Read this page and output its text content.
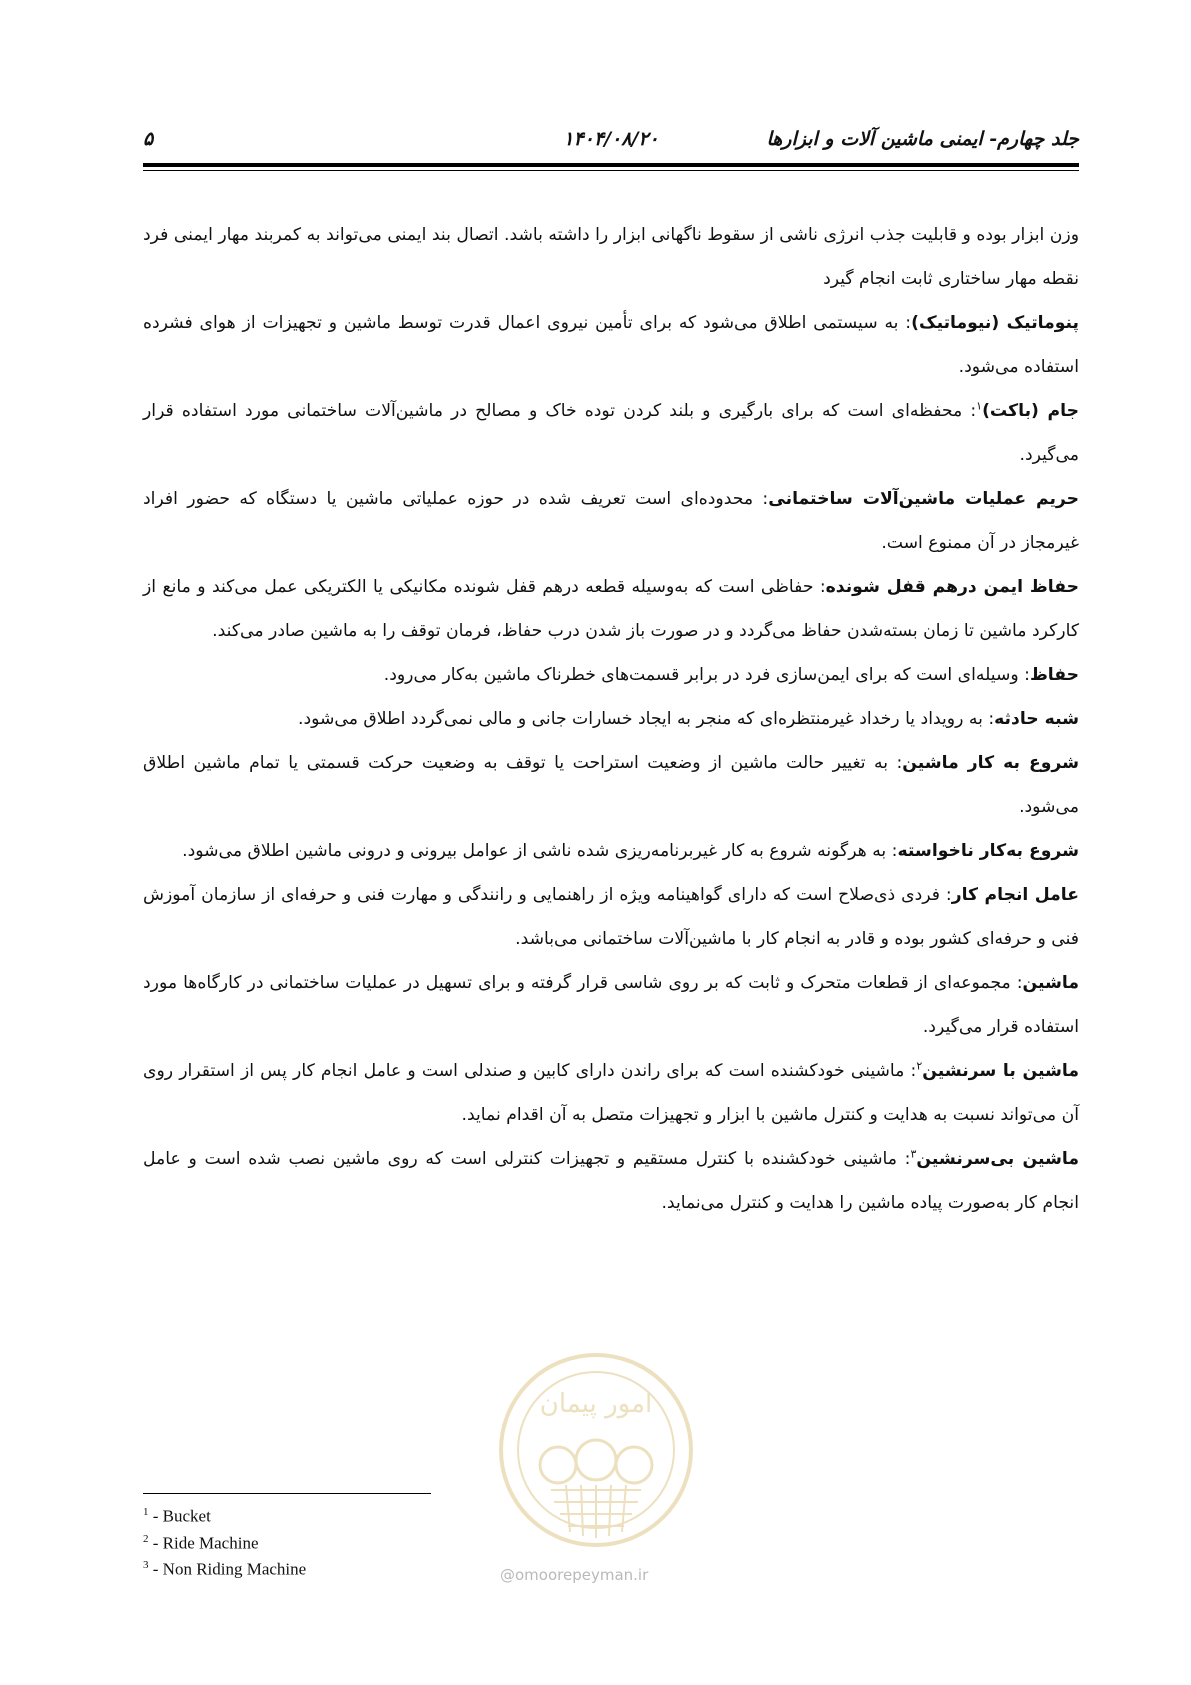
جلد چهارم- ایمنی ماشین آلات و ابزارها
۱۴۰۴/۰۸/۲۰
۵

وزن ابزار بوده و قابلیت جذب انرژی ناشی از سقوط ناگهانی ابزار را داشته باشد. اتصال بند ایمنی می‌تواند به کمربند مهار ایمنی فرد نقطه مهار ساختاری ثابت انجام گیرد

پنوماتیک (نیوماتیک): به سیستمی اطلاق می‌شود که برای تأمین نیروی اعمال قدرت توسط ماشین و تجهیزات از هوای فشرده استفاده می‌شود.

جام (باکت)$^۱$: محفظه‌ای است که برای بارگیری و بلند کردن توده خاک و مصالح در ماشین‌آلات ساختمانی مورد استفاده قرار می‌گیرد.

حریم عملیات ماشین‌آلات ساختمانی: محدوده‌ای است تعریف شده در حوزه عملیاتی ماشین یا دستگاه که حضور افراد غیرمجاز در آن ممنوع است.

حفاظ ایمن درهم قفل شونده: حفاظی است که به‌وسیله قطعه درهم قفل شونده مکانیکی یا الکتریکی عمل می‌کند و مانع از کارکرد ماشین تا زمان بسته‌شدن حفاظ می‌گردد و در صورت باز شدن درب حفاظ، فرمان توقف را به ماشین صادر می‌کند.

حفاظ: وسیله‌ای است که برای ایمن‌سازی فرد در برابر قسمت‌های خطرناک ماشین به‌کار می‌رود.

شبه حادثه: به رویداد یا رخداد غیرمنتظره‌ای که منجر به ایجاد خسارات جانی و مالی نمی‌گردد اطلاق می‌شود.

شروع به کار ماشین: به تغییر حالت ماشین از وضعیت استراحت یا توقف به وضعیت حرکت قسمتی یا تمام ماشین اطلاق می‌شود.

شروع به‌کار ناخواسته: به هرگونه شروع به کار غیربرنامه‌ریزی شده ناشی از عوامل بیرونی و درونی ماشین اطلاق می‌شود.

عامل انجام کار: فردی ذی‌صلاح است که دارای گواهینامه ویژه از راهنمایی و رانندگی و مهارت فنی و حرفه‌ای از سازمان آموزش فنی و حرفه‌ای کشور بوده و قادر به انجام کار با ماشین‌آلات ساختمانی می‌باشد.

ماشین: مجموعه‌ای از قطعات متحرک و ثابت که بر روی شاسی قرار گرفته و برای تسهیل در عملیات ساختمانی در کارگاه‌ها مورد استفاده قرار می‌گیرد.

ماشین با سرنشین$^۲$: ماشینی خودکشنده است که برای راندن دارای کابین و صندلی است و عامل انجام کار پس از استقرار روی آن می‌تواند نسبت به هدایت و کنترل ماشین با ابزار و تجهیزات متصل به آن اقدام نماید.

ماشین بی‌سرنشین$^۳$: ماشینی خودکشنده با کنترل مستقیم و تجهیزات کنترلی است که روی ماشین نصب شده است و عامل انجام کار به‌صورت پیاده ماشین را هدایت و کنترل می‌نماید.

امور پیمان
@omoorepeyman.ir
$^1$ - Bucket
$^2$ - Ride Machine
$^3$ - Non Riding Machine
